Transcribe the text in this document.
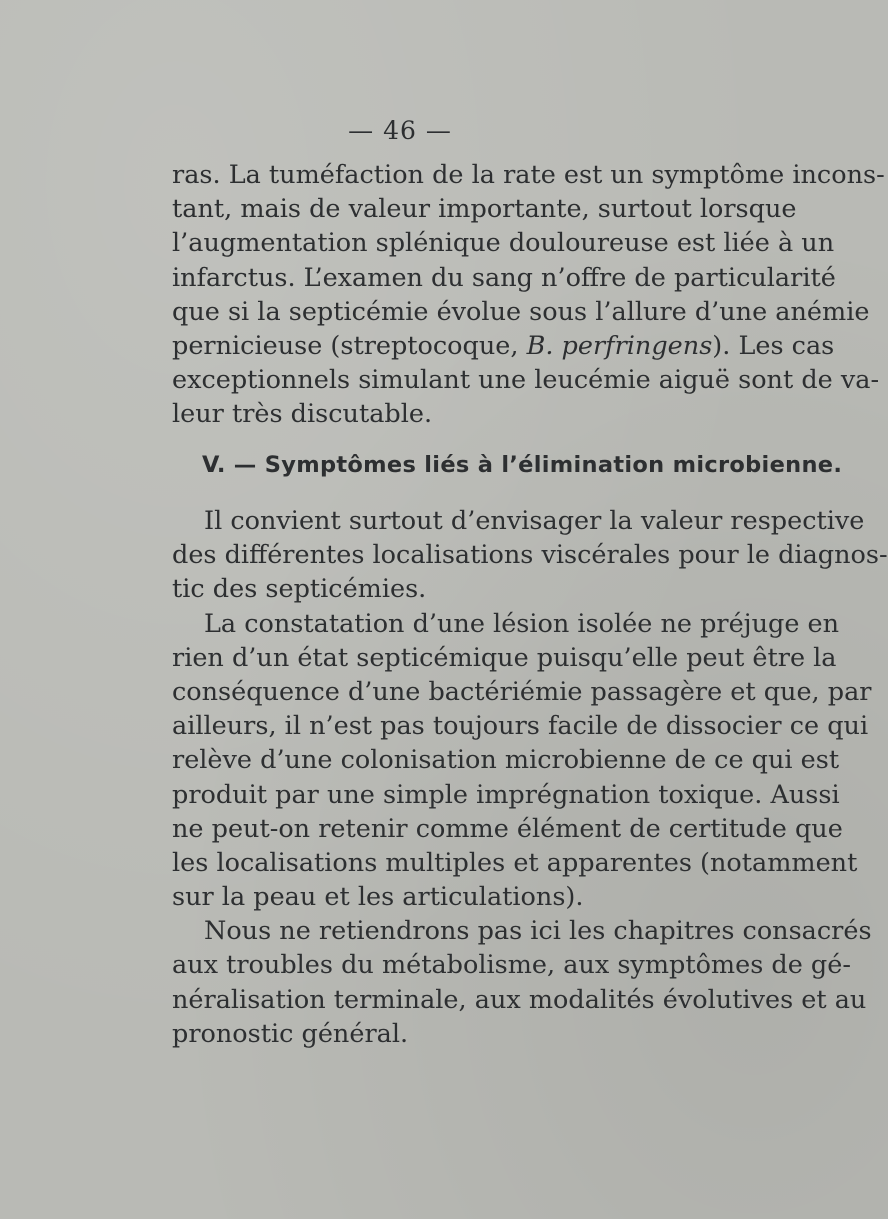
— 46 —
ras. La tuméfaction de la rate est un symptôme incons-
tant, mais de valeur importante, surtout lorsque
l’augmentation splénique douloureuse est liée à un
infarctus. L’examen du sang n’offre de particularité
que si la septicémie évolue sous l’allure d’une anémie
pernicieuse (streptocoque, B. perfringens). Les cas
exceptionnels simulant une leucémie aiguë sont de va-
leur très discutable.
V. — Symptômes liés à l’élimination microbienne.
Il convient surtout d’envisager la valeur respective
des différentes localisations viscérales pour le diagnos-
tic des septicémies.
La constatation d’une lésion isolée ne préjuge en
rien d’un état septicémique puisqu’elle peut être la
conséquence d’une bactériémie passagère et que, par
ailleurs, il n’est pas toujours facile de dissocier ce qui
relève d’une colonisation microbienne de ce qui est
produit par une simple imprégnation toxique. Aussi
ne peut-on retenir comme élément de certitude que
les localisations multiples et apparentes (notamment
sur la peau et les articulations).
Nous ne retiendrons pas ici les chapitres consacrés
aux troubles du métabolisme, aux symptômes de gé-
néralisation terminale, aux modalités évolutives et au
pronostic général.
